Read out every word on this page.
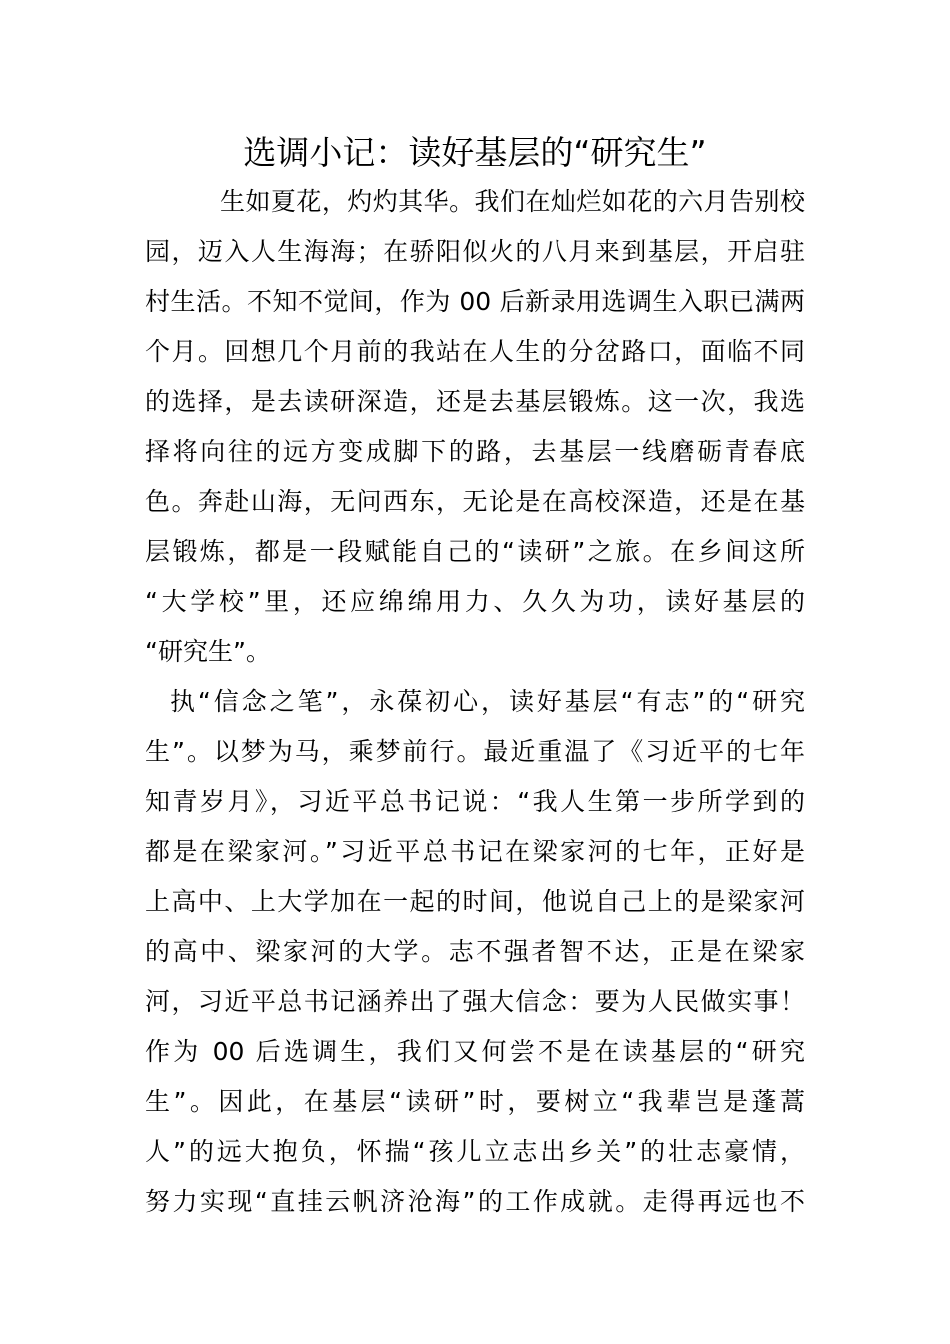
选调小记：读好基层的“研究生”
生如夏花，灼灼其华。我们在灿烂如花的六月告别校
园，迈入人生海海；在骄阳似火的八月来到基层，开启驻
村生活。不知不觉间，作为 00 后新录用选调生入职已满两
个月。回想几个月前的我站在人生的分岔路口，面临不同
的选择，是去读研深造，还是去基层锻炼。这一次，我选
择将向往的远方变成脚下的路，去基层一线磨砺青春底
色。奔赴山海，无问西东，无论是在高校深造，还是在基
层锻炼，都是一段赋能自己的“读研”之旅。在乡间这所
“大学校”里，还应绵绵用力、久久为功，读好基层的
“研究生”。
执“信念之笔”，永葆初心，读好基层“有志”的“研究
生”。以梦为马，乘梦前行。最近重温了《习近平的七年
知青岁月》，习近平总书记说：“我人生第一步所学到的
都是在梁家河。”习近平总书记在梁家河的七年，正好是
上高中、上大学加在一起的时间，他说自己上的是梁家河
的高中、梁家河的大学。志不强者智不达，正是在梁家
河，习近平总书记涵养出了强大信念：要为人民做实事！
作为 00 后选调生，我们又何尝不是在读基层的“研究
生”。因此，在基层“读研”时，要树立“我辈岂是蓬蒿
人”的远大抱负，怀揣“孩儿立志出乡关”的壮志豪情，
努力实现“直挂云帆济沧海”的工作成就。走得再远也不
